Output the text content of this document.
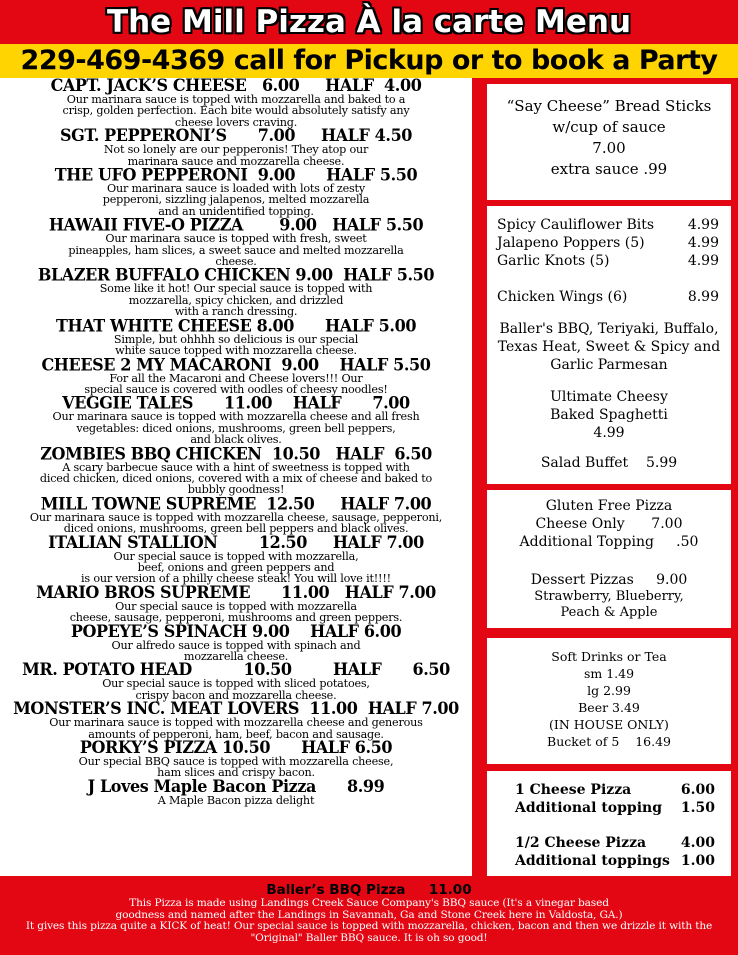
The Mill Pizza À la carte Menu
229-469-4369 call for Pickup or to book a Party
CAPT. JACK’S CHEESE   6.00     HALF  4.00
Our marinara sauce is topped with mozzarella and baked to a
crisp, golden perfection. Each bite would absolutely satisfy any
cheese lovers craving.
SGT. PEPPERONI’S      7.00     HALF 4.50
Not so lonely are our pepperonis! They atop our
marinara sauce and mozzarella cheese.
THE UFO PEPPERONI  9.00      HALF 5.50
Our marinara sauce is loaded with lots of zesty
pepperoni, sizzling jalapenos, melted mozzarella
and an unidentified topping.
HAWAII FIVE-O PIZZA       9.00   HALF 5.50
Our marinara sauce is topped with fresh, sweet
pineapples, ham slices, a sweet sauce and melted mozzarella
cheese.
BLAZER BUFFALO CHICKEN 9.00  HALF 5.50
Some like it hot! Our special sauce is topped with
mozzarella, spicy chicken, and drizzled
with a ranch dressing.
THAT WHITE CHEESE 8.00      HALF 5.00
Simple, but ohhhh so delicious is our special
white sauce topped with mozzarella cheese.
CHEESE 2 MY MACARONI  9.00    HALF 5.50
For all the Macaroni and Cheese lovers!!! Our
special sauce is covered with oodles of cheesy noodles!
VEGGIE TALES      11.00    HALF      7.00
Our marinara sauce is topped with mozzarella cheese and all fresh
vegetables: diced onions, mushrooms, green bell peppers,
and black olives.
ZOMBIES BBQ CHICKEN  10.50   HALF  6.50
A scary barbecue sauce with a hint of sweetness is topped with
diced chicken, diced onions, covered with a mix of cheese and baked to
bubbly goodness!
MILL TOWNE SUPREME  12.50     HALF 7.00
Our marinara sauce is topped with mozzarella cheese, sausage, pepperoni,
diced onions, mushrooms, green bell peppers and black olives.
ITALIAN STALLION        12.50     HALF 7.00
Our special sauce is topped with mozzarella,
beef, onions and green peppers and
is our version of a philly cheese steak! You will love it!!!!
MARIO BROS SUPREME      11.00   HALF 7.00
Our special sauce is topped with mozzarella
cheese, sausage, pepperoni, mushrooms and green peppers.
POPEYE’S SPINACH 9.00    HALF 6.00
Our alfredo sauce is topped with spinach and
mozzarella cheese.
MR. POTATO HEAD          10.50        HALF      6.50
Our special sauce is topped with sliced potatoes,
crispy bacon and mozzarella cheese.
MONSTER’S INC. MEAT LOVERS  11.00  HALF 7.00
Our marinara sauce is topped with mozzarella cheese and generous
amounts of pepperoni, ham, beef, bacon and sausage.
PORKY’S PIZZA 10.50      HALF 6.50
Our special BBQ sauce is topped with mozzarella cheese,
ham slices and crispy bacon.
J Loves Maple Bacon Pizza      8.99
A Maple Bacon pizza delight
“Say Cheese” Bread Sticks
w/cup of sauce
7.00
extra sauce .99
Spicy Cauliflower Bits 4.99
Jalapeno Poppers (5)	4.99
Garlic Knots (5)	4.99
Chicken Wings (6)	8.99
Baller's BBQ, Teriyaki, Buffalo,
Texas Heat, Sweet & Spicy and
Garlic Parmesan
Ultimate Cheesy
Baked Spaghetti
4.99
Salad Buffet    5.99
Gluten Free Pizza
Cheese Only      7.00
Additional Topping     .50
Dessert Pizzas     9.00
Strawberry, Blueberry,
Peach & Apple
Soft Drinks or Tea
sm 1.49
lg 2.99
Beer 3.49
(IN HOUSE ONLY)
Bucket of 5    16.49
1 Cheese Pizza	6.00
Additional topping 1.50
1/2 Cheese Pizza 4.00
Additional toppings 1.00
Baller’s BBQ Pizza     11.00
This Pizza is made using Landings Creek Sauce Company's BBQ sauce (It's a vinegar based
goodness and named after the Landings in Savannah, Ga and Stone Creek here in Valdosta, GA.)
It gives this pizza quite a KICK of heat! Our special sauce is topped with mozzarella, chicken, bacon and then we drizzle it with the
"Original" Baller BBQ sauce. It is oh so good!
